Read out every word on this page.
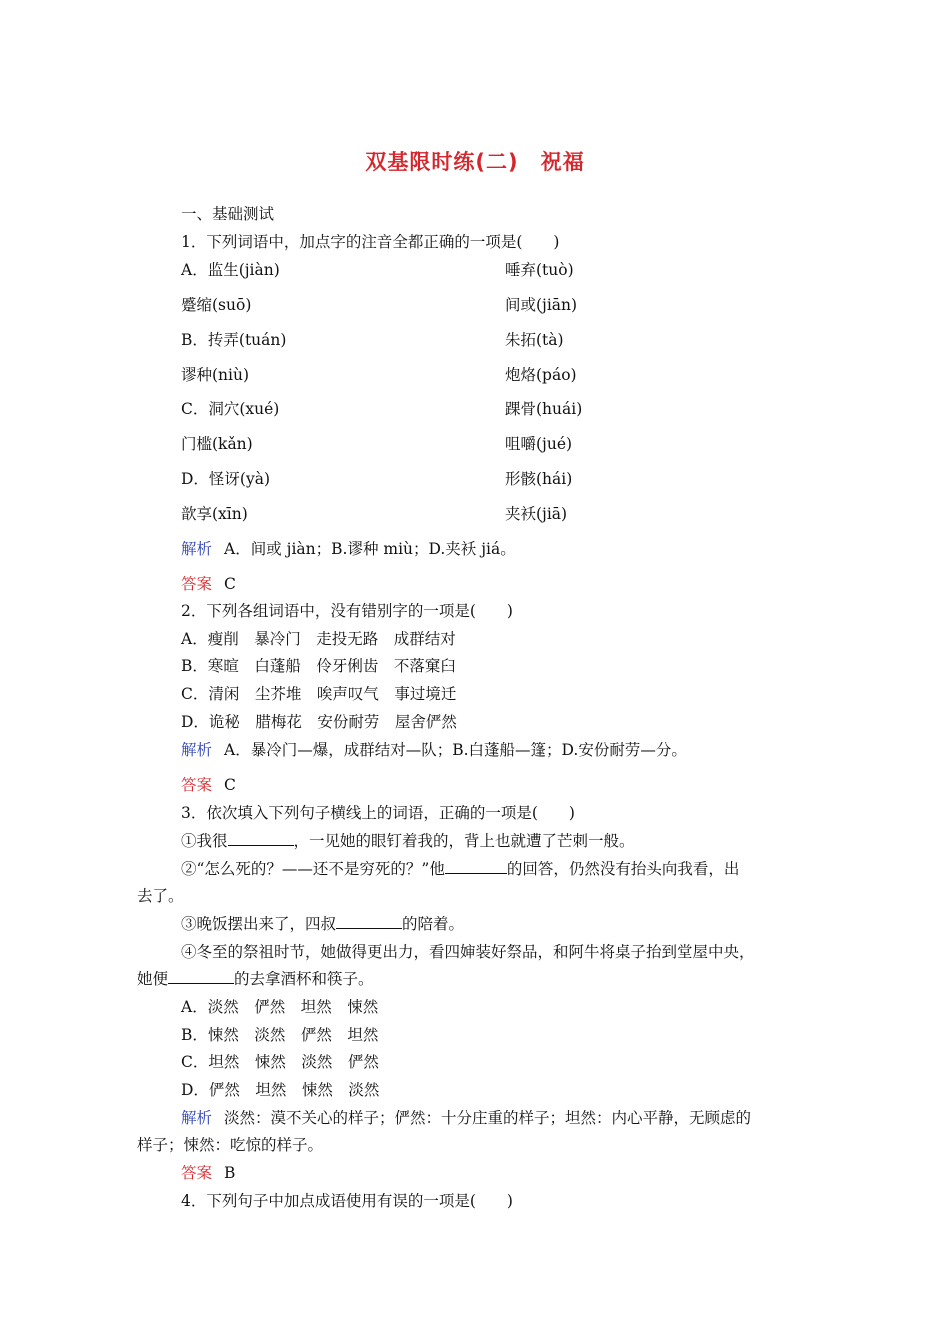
双基限时练(二)　祝福
一、基础测试
1．下列词语中，加点字的注音全都正确的一项是(　　)
A．监生(jiàn)	唾弃(tuò)
蹙缩(suō)	间或(jiān)
B．抟弄(tuán)	朱拓(tà)
谬种(niù)	炮烙(páo)
C．洞穴(xué)	踝骨(huái)
门槛(kǎn)	咀嚼(jué)
D．怪讶(yà)	形骸(hái)
歆享(xīn)	夹袄(jiā)
解析 A．间或 jiàn；B.谬种 miù；D.夹袄 jiá。
答案 C
2．下列各组词语中，没有错别字的一项是(　　)
A．瘦削　暴冷门　走投无路　成群结对
B．寒暄　白蓬船　伶牙俐齿　不落窠臼
C．清闲　尘芥堆　唉声叹气　事过境迁
D．诡秘　腊梅花　安份耐劳　屋舍俨然
解析 A．暴冷门—爆，成群结对—队；B.白蓬船—篷；D.安份耐劳—分。
答案 C
3．依次填入下列句子横线上的词语，正确的一项是(　　)
①我很	，一见她的眼钉着我的，背上也就遭了芒刺一般。
②“怎么死的？——还不是穷死的？”他	的回答，仍然没有抬头向我看，出
去了。
③晚饭摆出来了，四叔	的陪着。
④冬至的祭祖时节，她做得更出力，看四婶装好祭品，和阿牛将桌子抬到堂屋中央，
她便	的去拿酒杯和筷子。
A．淡然　俨然　坦然　悚然
B．悚然　淡然　俨然　坦然
C．坦然　悚然　淡然　俨然
D．俨然　坦然　悚然　淡然
解析 淡然：漠不关心的样子；俨然：十分庄重的样子；坦然：内心平静，无顾虑的
样子；悚然：吃惊的样子。
答案 B
4．下列句子中加点成语使用有误的一项是(　　)
